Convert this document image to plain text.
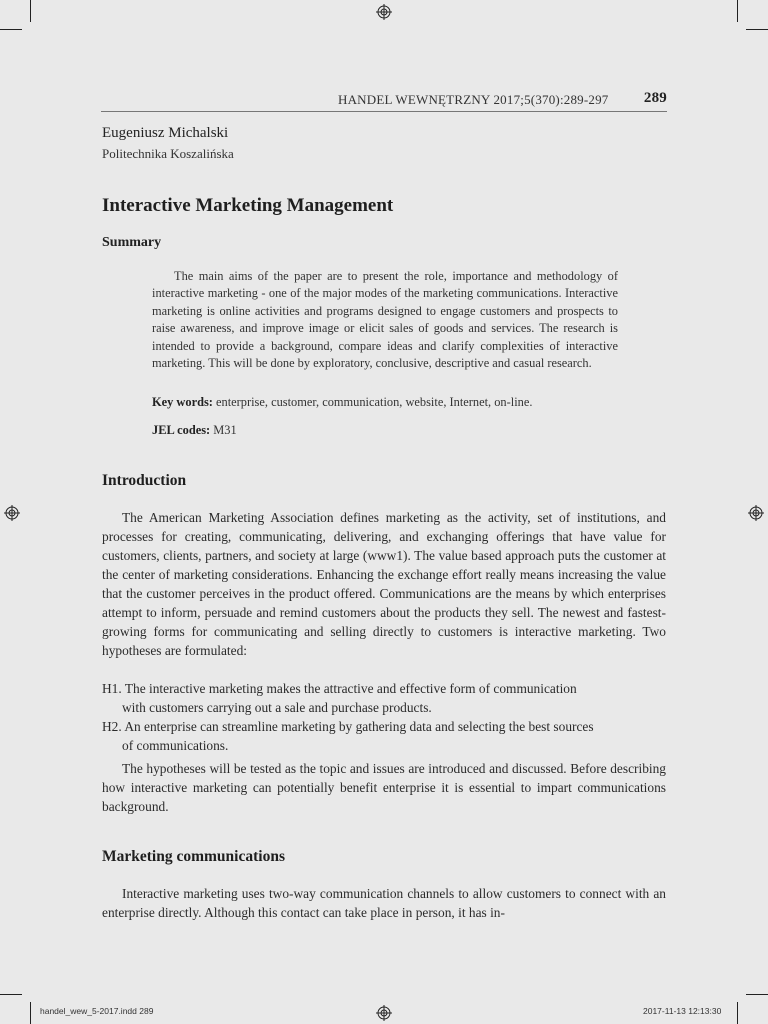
HANDEL WEWNĘTRZNY 2017;5(370):289-297 289
Eugeniusz Michalski
Politechnika Koszalińska
Interactive Marketing Management
Summary

The main aims of the paper are to present the role, importance and methodology of interactive marketing - one of the major modes of the marketing communications. Interactive marketing is online activities and programs designed to engage customers and prospects to raise awareness, and improve image or elicit sales of goods and services. The research is intended to provide a background, compare ideas and clarify complexities of interactive marketing. This will be done by exploratory, conclusive, descriptive and casual research.

Key words: enterprise, customer, communication, website, Internet, on-line.
JEL codes: M31
Introduction

The American Marketing Association defines marketing as the activity, set of institutions, and processes for creating, communicating, delivering, and exchanging offerings that have value for customers, clients, partners, and society at large (www1). The value based approach puts the customer at the center of marketing considerations. Enhancing the exchange effort really means increasing the value that the customer perceives in the product offered. Communications are the means by which enterprises attempt to inform, persuade and remind customers about the products they sell. The newest and fastest-growing forms for communicating and selling directly to customers is interactive marketing. Two hypotheses are formulated:

H1. The interactive marketing makes the attractive and effective form of communication
with customers carrying out a sale and purchase products.
H2. An enterprise can streamline marketing by gathering data and selecting the best sources
of communications.

The hypotheses will be tested as the topic and issues are introduced and discussed. Before describing how interactive marketing can potentially benefit enterprise it is essential to impart communications background.

Marketing communications

Interactive marketing uses two-way communication channels to allow customers to connect with an enterprise directly. Although this contact can take place in person, it has in-

handel_wew_5-2017.indd 289	2017-11-13 12:13:30
